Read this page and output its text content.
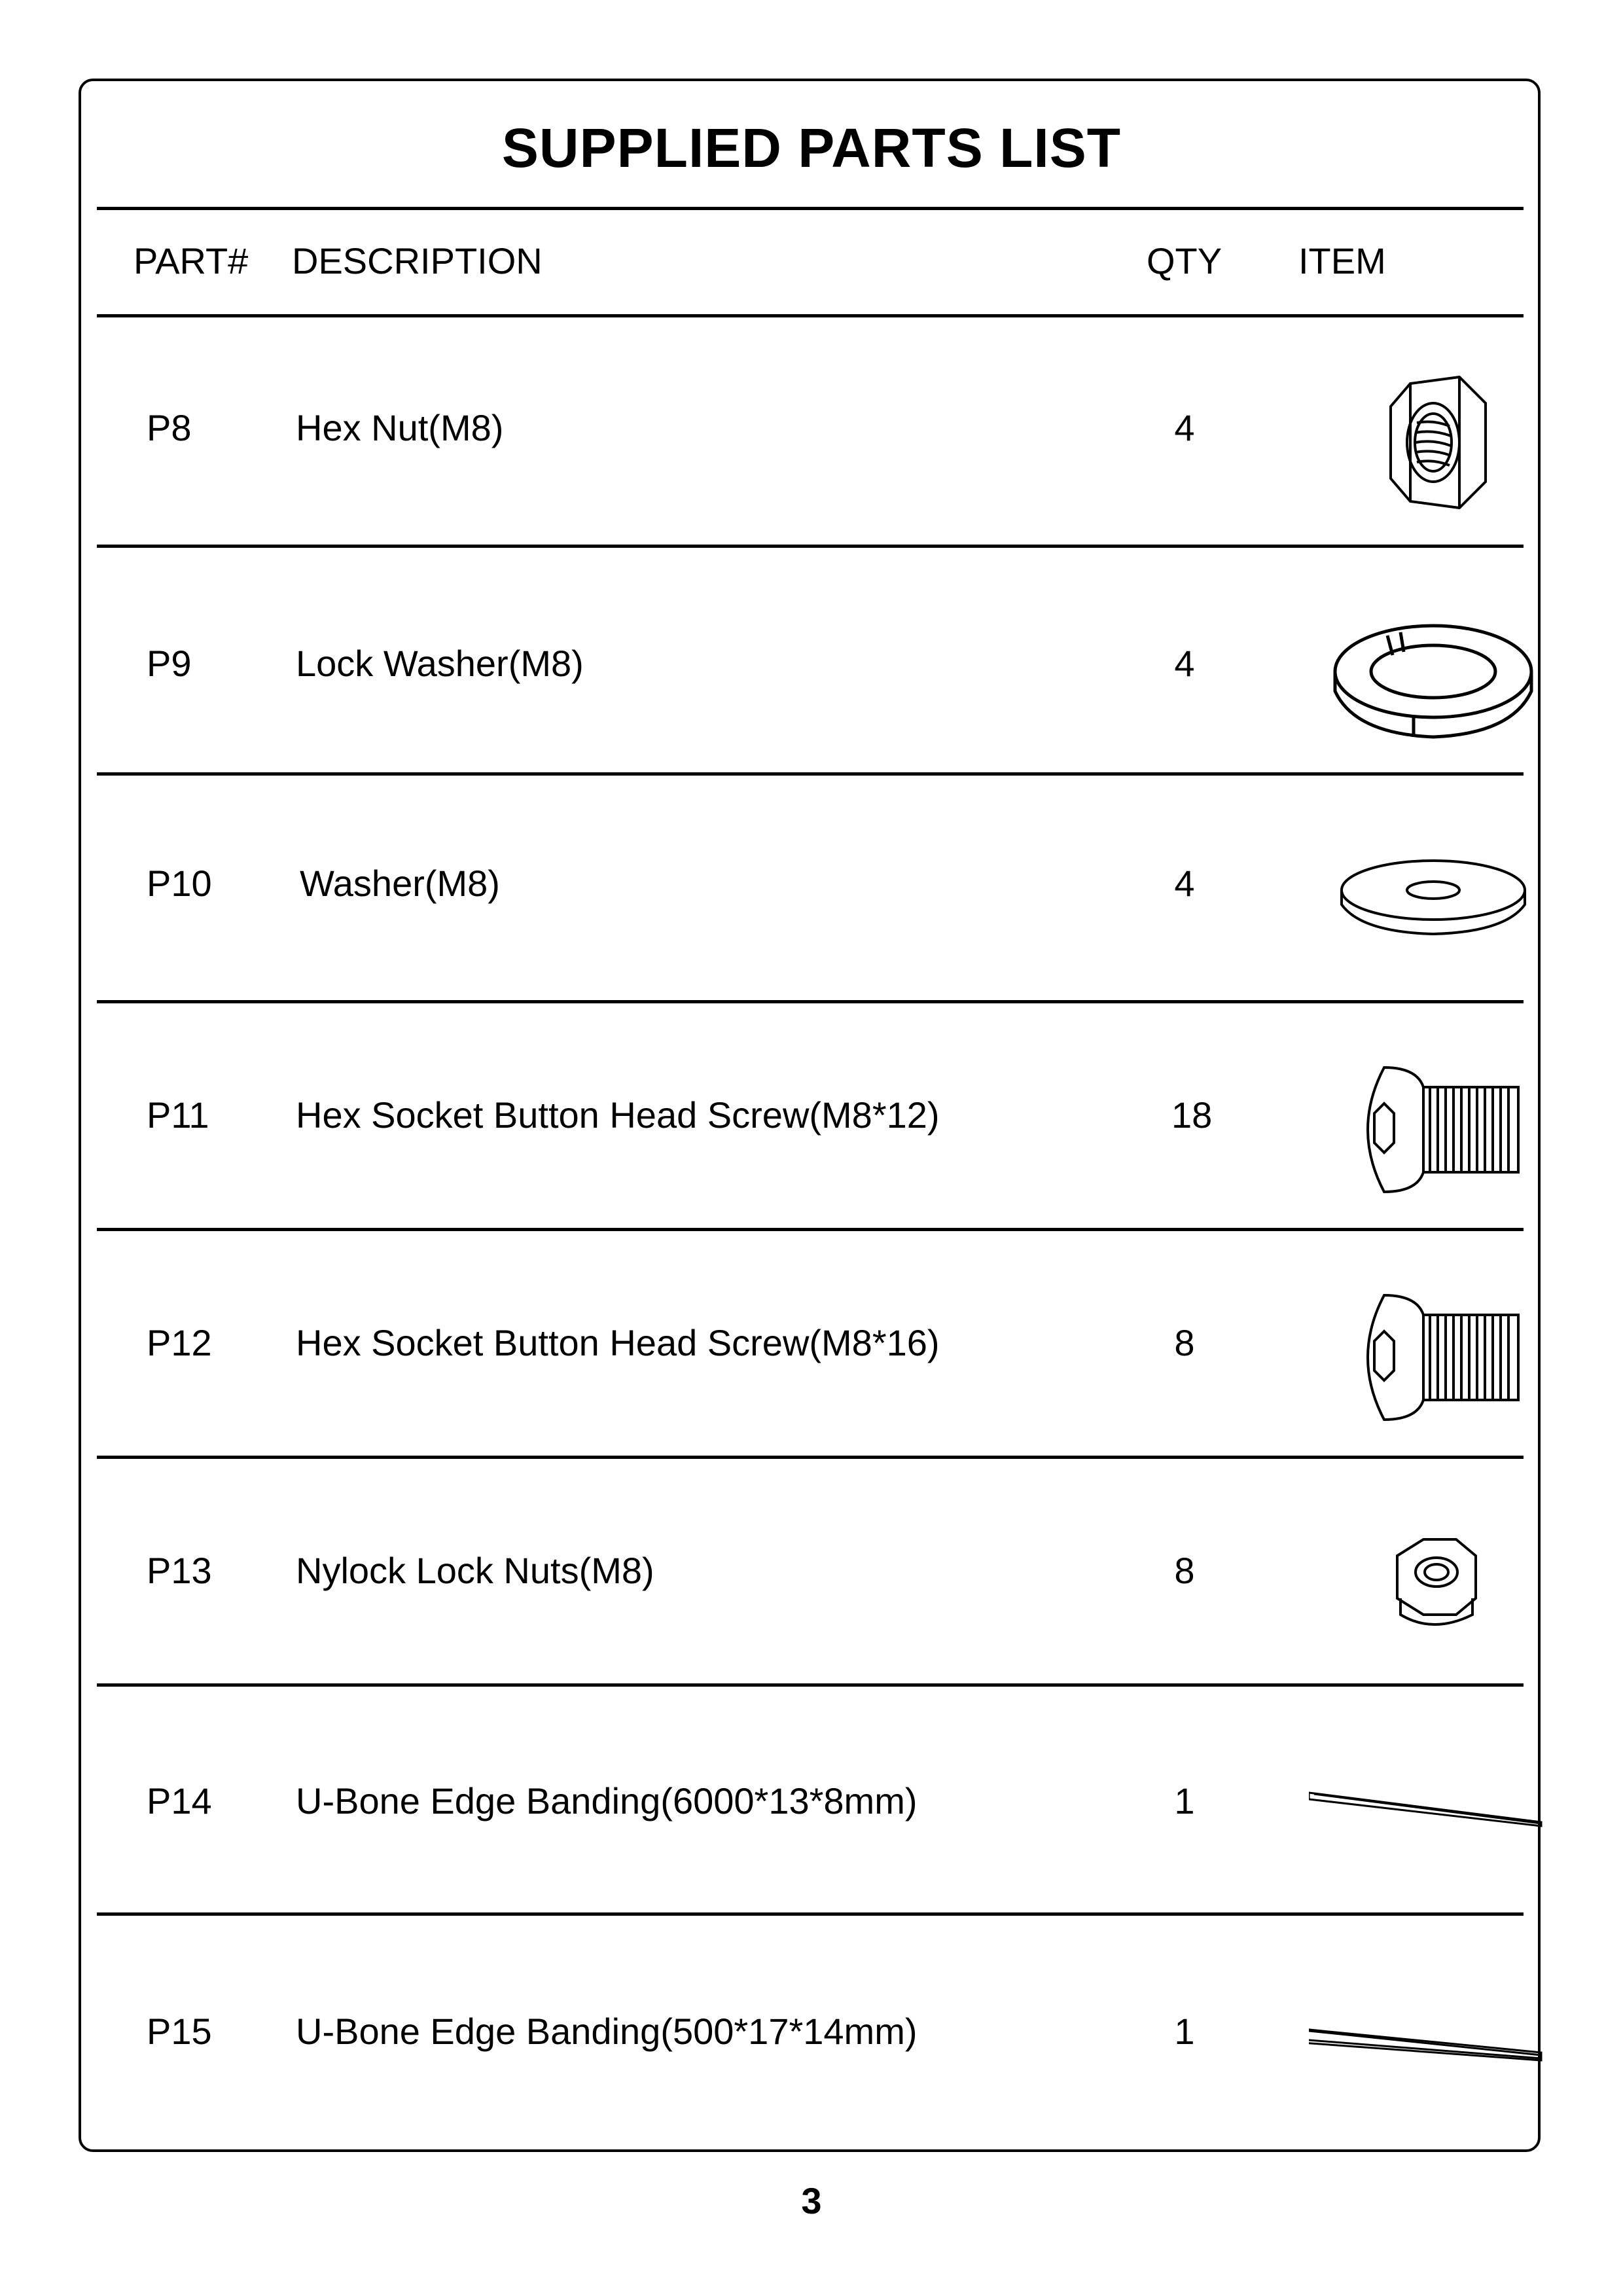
SUPPLIED PARTS LIST
PART# DESCRIPTION	QTY ITEM
P8	Hex Nut(M8)	4
P9	Lock Washer(M8)	4
P10 Washer(M8)	4
P11 Hex Socket Button Head Screw(M8*12)	18
P12 Hex Socket Button Head Screw(M8*16)	8
P13 Nylock Lock Nuts(M8)	8
P14 U-Bone Edge Banding(6000*13*8mm)	1
P15 U-Bone Edge Banding(500*17*14mm)	1
3
